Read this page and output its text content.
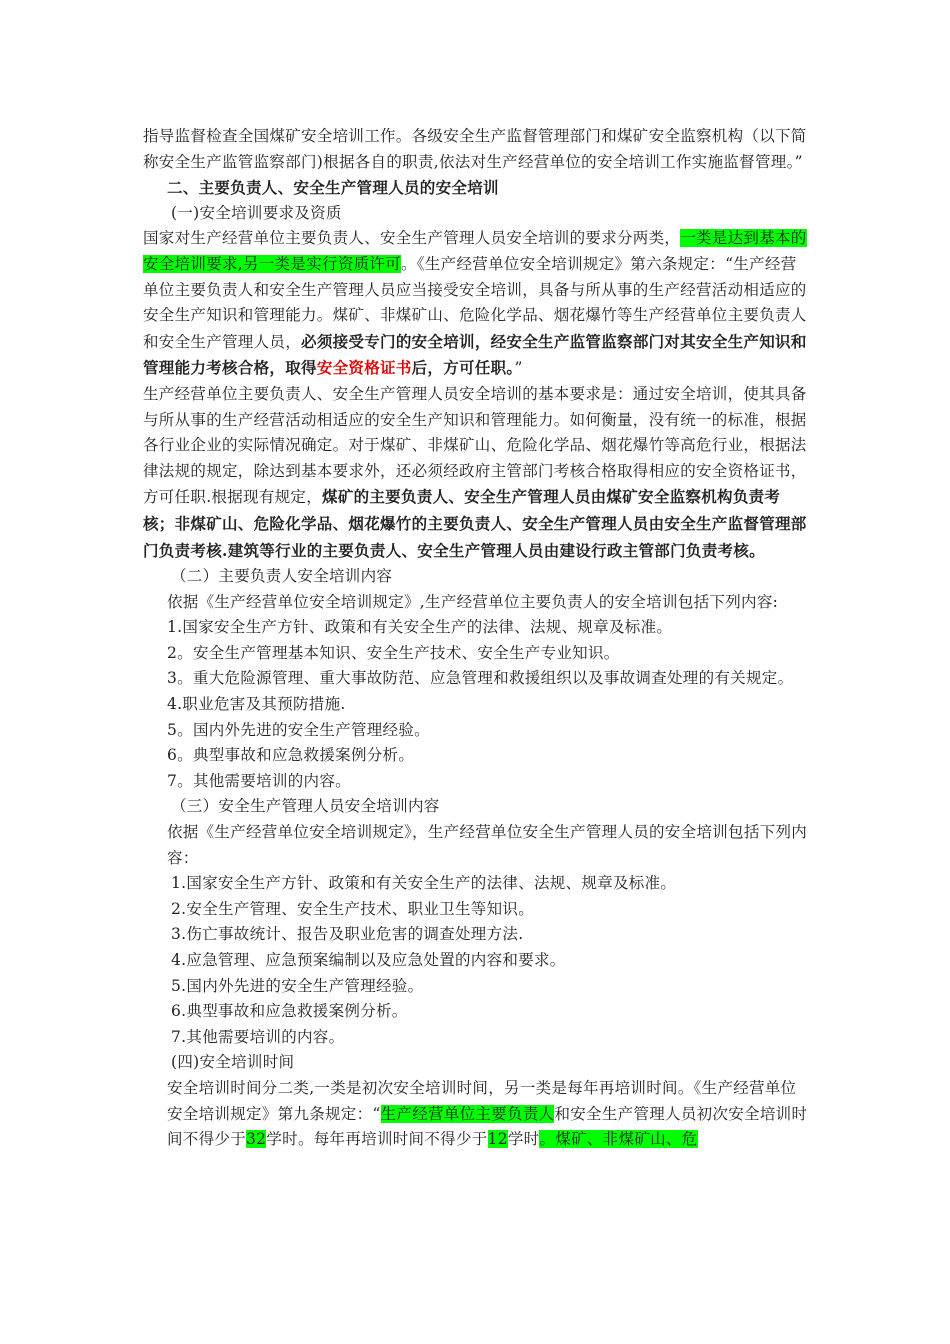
指导监督检查全国煤矿安全培训工作。各级安全生产监督管理部门和煤矿安全监察机构（以下简称安全生产监管监察部门)根据各自的职责,依法对生产经营单位的安全培训工作实施监督管理。”

二、主要负责人、安全生产管理人员的安全培训

(一)安全培训要求及资质

国家对生产经营单位主要负责人、安全生产管理人员安全培训的要求分两类，一类是达到基本的安全培训要求,另一类是实行资质许可。《生产经营单位安全培训规定》第六条规定：“生产经营单位主要负责人和安全生产管理人员应当接受安全培训，具备与所从事的生产经营活动相适应的安全生产知识和管理能力。煤矿、非煤矿山、危险化学品、烟花爆竹等生产经营单位主要负责人和安全生产管理人员，必须接受专门的安全培训，经安全生产监管监察部门对其安全生产知识和管理能力考核合格，取得安全资格证书后，方可任职。”

生产经营单位主要负责人、安全生产管理人员安全培训的基本要求是：通过安全培训，使其具备与所从事的生产经营活动相适应的安全生产知识和管理能力。如何衡量，没有统一的标准，根据各行业企业的实际情况确定。对于煤矿、非煤矿山、危险化学品、烟花爆竹等高危行业，根据法律法规的规定，除达到基本要求外，还必须经政府主管部门考核合格取得相应的安全资格证书，方可任职.根据现有规定，煤矿的主要负责人、安全生产管理人员由煤矿安全监察机构负责考核；非煤矿山、危险化学品、烟花爆竹的主要负责人、安全生产管理人员由安全生产监督管理部门负责考核.建筑等行业的主要负责人、安全生产管理人员由建设行政主管部门负责考核。

（二）主要负责人安全培训内容

依据《生产经营单位安全培训规定》,生产经营单位主要负责人的安全培训包括下列内容:

1.国家安全生产方针、政策和有关安全生产的法律、法规、规章及标准。

2。安全生产管理基本知识、安全生产技术、安全生产专业知识。

3。重大危险源管理、重大事故防范、应急管理和救援组织以及事故调查处理的有关规定。

4.职业危害及其预防措施.

5。国内外先进的安全生产管理经验。

6。典型事故和应急救援案例分析。

7。其他需要培训的内容。

（三）安全生产管理人员安全培训内容

依据《生产经营单位安全培训规定》，生产经营单位安全生产管理人员的安全培训包括下列内容：

1.国家安全生产方针、政策和有关安全生产的法律、法规、规章及标准。

2.安全生产管理、安全生产技术、职业卫生等知识。

3.伤亡事故统计、报告及职业危害的调查处理方法.

4.应急管理、应急预案编制以及应急处置的内容和要求。

5.国内外先进的安全生产管理经验。

6.典型事故和应急救援案例分析。

7.其他需要培训的内容。

(四)安全培训时间

安全培训时间分二类,一类是初次安全培训时间，另一类是每年再培训时间。《生产经营单位安全培训规定》第九条规定：“生产经营单位主要负责人和安全生产管理人员初次安全培训时间不得少于32学时。每年再培训时间不得少于12学时。煤矿、非煤矿山、危
